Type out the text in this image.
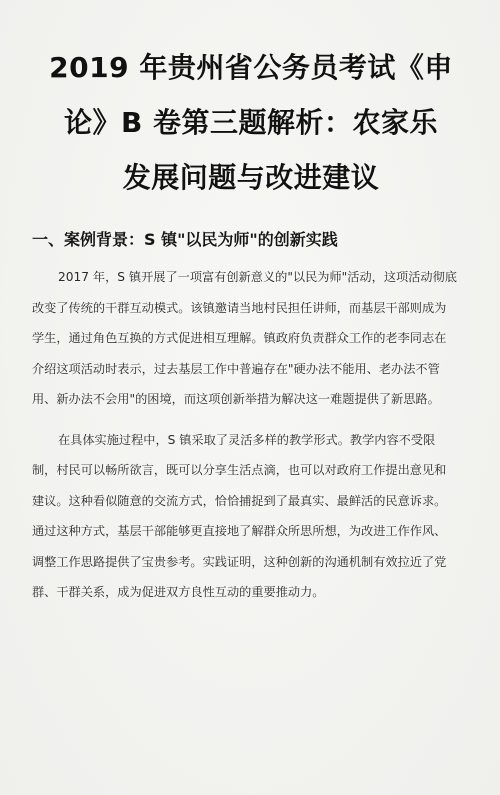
2019 年贵州省公务员考试《申
论》B 卷第三题解析：农家乐
发展问题与改进建议
一、案例背景：S 镇"以民为师"的创新实践
2017 年，S 镇开展了一项富有创新意义的"以民为师"活动，这项活动彻底
改变了传统的干群互动模式。该镇邀请当地村民担任讲师，而基层干部则成为
学生，通过角色互换的方式促进相互理解。镇政府负责群众工作的老李同志在
介绍这项活动时表示，过去基层工作中普遍存在"硬办法不能用、老办法不管
用、新办法不会用"的困境，而这项创新举措为解决这一难题提供了新思路。
在具体实施过程中，S 镇采取了灵活多样的教学形式。教学内容不受限
制，村民可以畅所欲言，既可以分享生活点滴，也可以对政府工作提出意见和
建议。这种看似随意的交流方式，恰恰捕捉到了最真实、最鲜活的民意诉求。
通过这种方式，基层干部能够更直接地了解群众所思所想，为改进工作作风、
调整工作思路提供了宝贵参考。实践证明，这种创新的沟通机制有效拉近了党
群、干群关系，成为促进双方良性互动的重要推动力。
